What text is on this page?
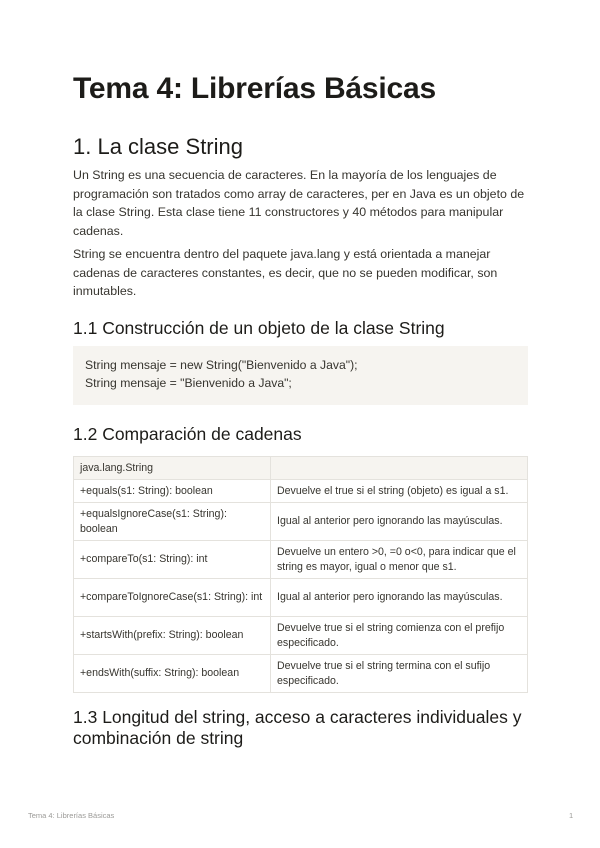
Tema 4: Librerías Básicas
1. La clase String

Un String es una secuencia de caracteres. En la mayoría de los lenguajes de programación son tratados como array de caracteres, per en Java es un objeto de la clase String. Esta clase tiene 11 constructores y 40 métodos para manipular cadenas.

String se encuentra dentro del paquete java.lang y está orientada a manejar cadenas de caracteres constantes, es decir, que no se pueden modificar, son inmutables.

1.1 Construcción de un objeto de la clase String
String mensaje = new String("Bienvenido a Java");
String mensaje = "Bienvenido a Java";
1.2 Comparación de cadenas
java.lang.String	
+equals(s1: String): boolean	Devuelve el true si el string (objeto) es igual a s1.
+equalsIgnoreCase(s1: String): boolean	Igual al anterior pero ignorando las mayúsculas.
+compareTo(s1: String): int	Devuelve un entero >0, =0 o<0, para indicar que el string es mayor, igual o menor que s1.
+compareToIgnoreCase(s1: String): int	Igual al anterior pero ignorando las mayúsculas.
+startsWith(prefix: String): boolean	Devuelve true si el string comienza con el prefijo especificado.
+endsWith(suffix: String): boolean	Devuelve true si el string termina con el sufijo especificado.
1.3 Longitud del string, acceso a caracteres individuales y combinación de string
Tema 4: Librerías Básicas	1
